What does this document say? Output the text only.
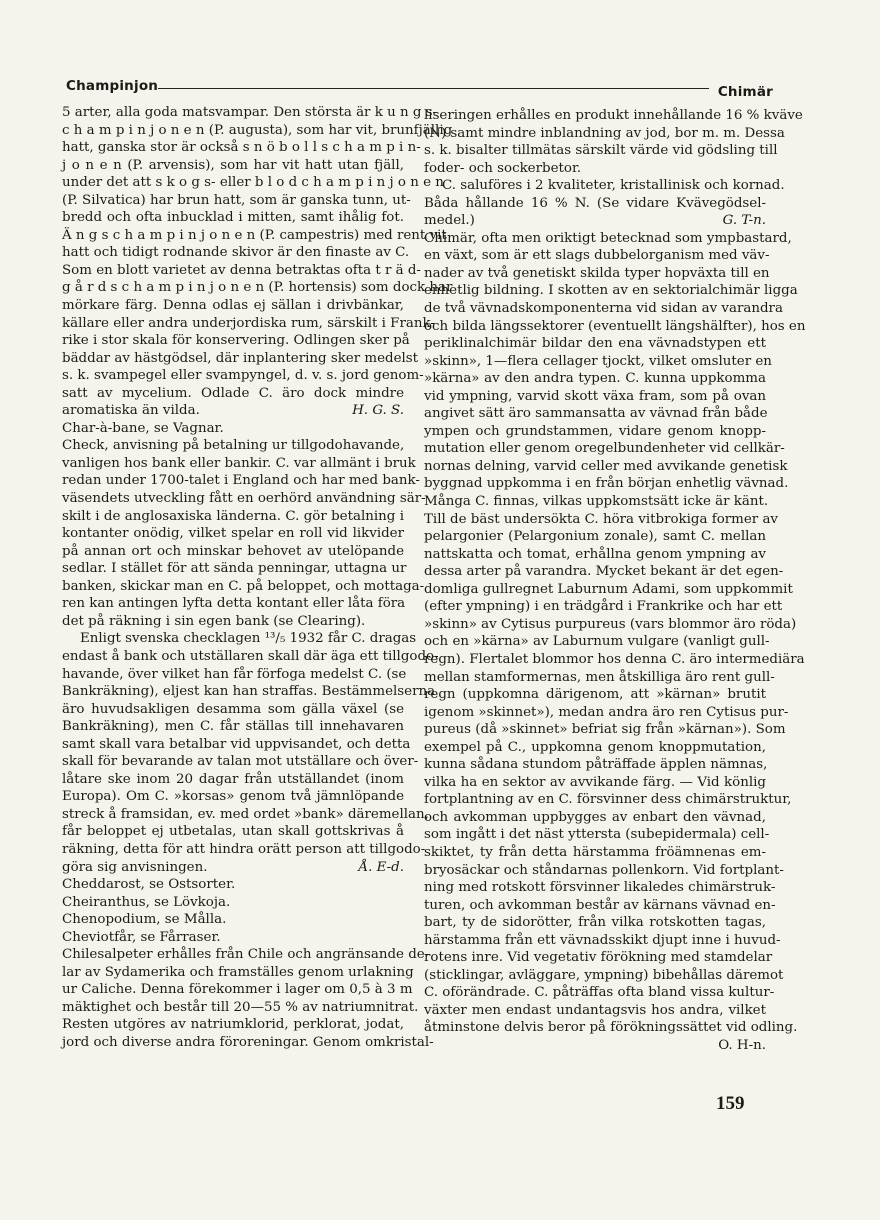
Champinjon	Chimär
5 arter, alla goda matsvampar. Den största är k u n g s-
c h a m p i n j o n e n (P. augusta), som har vit, brunfjällig
hatt, ganska stor är också s n ö b o l l s c h a m p i n-
j o n e n (P. arvensis), som har vit hatt utan fjäll,
under det att s k o g s- eller b l o d c h a m p i n j o n e n
(P. Silvatica) har brun hatt, som är ganska tunn, ut-
bredd och ofta inbucklad i mitten, samt ihålig fot.
Ä n g s c h a m p i n j o n e n (P. campestris) med rent vit
hatt och tidigt rodnande skivor är den finaste av C.
Som en blott varietet av denna betraktas ofta t r ä d-
g å r d s c h a m p i n j o n e n (P. hortensis) som dock har
mörkare färg. Denna odlas ej sällan i drivbänkar,
källare eller andra underjordiska rum, särskilt i Frank-
rike i stor skala för konservering. Odlingen sker på
bäddar av hästgödsel, där inplantering sker medelst
s. k. svampegel eller svampyngel, d. v. s. jord genom-
satt av mycelium. Odlade C. äro dock mindre
aromatiska än vilda.	H. G. S.
Char-à-bane, se Vagnar.
Check, anvisning på betalning ur tillgodohavande,
vanligen hos bank eller bankir. C. var allmänt i bruk
redan under 1700-talet i England och har med bank-
väsendets utveckling fått en oerhörd användning sär-
skilt i de anglosaxiska länderna. C. gör betalning i
kontanter onödig, vilket spelar en roll vid likvider
på annan ort och minskar behovet av utelöpande
sedlar. I stället för att sända penningar, uttagna ur
banken, skickar man en C. på beloppet, och mottaga-
ren kan antingen lyfta detta kontant eller låta föra
det på räkning i sin egen bank (se Clearing).
Enligt svenska checklagen ¹³/₅ 1932 får C. dragas
endast å bank och utställaren skall där äga ett tillgodo-
havande, över vilket han får förfoga medelst C. (se
Bankräkning), eljest kan han straffas. Bestämmelserna
äro huvudsakligen desamma som gälla växel (se
Bankräkning), men C. får ställas till innehavaren
samt skall vara betalbar vid uppvisandet, och detta
skall för bevarande av talan mot utställare och över-
låtare ske inom 20 dagar från utställandet (inom
Europa). Om C. »korsas» genom två jämnlöpande
streck å framsidan, ev. med ordet »bank» däremellan,
får beloppet ej utbetalas, utan skall gottskrivas å
räkning, detta för att hindra orätt person att tillgodo-
göra sig anvisningen.	Å. E-d.
Cheddarost, se Ostsorter.
Cheiranthus, se Lövkoja.
Chenopodium, se Målla.
Cheviotfår, se Fårraser.
Chilesalpeter erhålles från Chile och angränsande de-
lar av Sydamerika och framställes genom urlakning
ur Caliche. Denna förekommer i lager om 0,5 à 3 m
mäktighet och består till 20—55 % av natriumnitrat.
Resten utgöres av natriumklorid, perklorat, jodat,
jord och diverse andra föroreningar. Genom omkristal-
liseringen erhålles en produkt innehållande 16 % kväve
(N) samt mindre inblandning av jod, bor m. m. Dessa
s. k. bisalter tillmätas särskilt värde vid gödsling till
foder- och sockerbetor.
C. saluföres i 2 kvaliteter, kristallinisk och kornad.
Båda hållande 16 % N. (Se vidare Kvävegödsel-
medel.)	G. T-n.
Chimär, ofta men oriktigt betecknad som ympbastard,
en växt, som är ett slags dubbelorganism med väv-
nader av två genetiskt skilda typer hopväxta till en
enhetlig bildning. I skotten av en sektorialchimär ligga
de två vävnadskomponenterna vid sidan av varandra
och bilda längssektorer (eventuellt längshälfter), hos en
periklinalchimär bildar den ena vävnadstypen ett
»skinn», 1—flera cellager tjockt, vilket omsluter en
»kärna» av den andra typen. C. kunna uppkomma
vid ympning, varvid skott växa fram, som på ovan
angivet sätt äro sammansatta av vävnad från både
ympen och grundstammen, vidare genom knopp-
mutation eller genom oregelbundenheter vid cellkär-
nornas delning, varvid celler med avvikande genetisk
byggnad uppkomma i en från början enhetlig vävnad.
Många C. finnas, vilkas uppkomstsätt icke är känt.
Till de bäst undersökta C. höra vitbrokiga former av
pelargonier (Pelargonium zonale), samt C. mellan
nattskatta och tomat, erhållna genom ympning av
dessa arter på varandra. Mycket bekant är det egen-
domliga gullregnet Laburnum Adami, som uppkommit
(efter ympning) i en trädgård i Frankrike och har ett
»skinn» av Cytisus purpureus (vars blommor äro röda)
och en »kärna» av Laburnum vulgare (vanligt gull-
regn). Flertalet blommor hos denna C. äro intermediära
mellan stamformernas, men åtskilliga äro rent gull-
regn (uppkomna därigenom, att »kärnan» brutit
igenom »skinnet»), medan andra äro ren Cytisus pur-
pureus (då »skinnet» befriat sig från »kärnan»). Som
exempel på C., uppkomna genom knoppmutation,
kunna sådana stundom påträffade äpplen nämnas,
vilka ha en sektor av avvikande färg. — Vid könlig
fortplantning av en C. försvinner dess chimärstruktur,
och avkomman uppbygges av enbart den vävnad,
som ingått i det näst yttersta (subepidermala) cell-
skiktet, ty från detta härstamma fröämnenas em-
bryosäckar och ståndarnas pollenkorn. Vid fortplant-
ning med rotskott försvinner likaledes chimärstruk-
turen, och avkomman består av kärnans vävnad en-
bart, ty de sidorötter, från vilka rotskotten tagas,
härstamma från ett vävnadsskikt djupt inne i huvud-
rotens inre. Vid vegetativ förökning med stamdelar
(sticklingar, avläggare, ympning) bibehållas däremot
C. oförändrade. C. påträffas ofta bland vissa kultur-
växter men endast undantagsvis hos andra, vilket
åtminstone delvis beror på förökningssättet vid odling.
O. H-n.
159
